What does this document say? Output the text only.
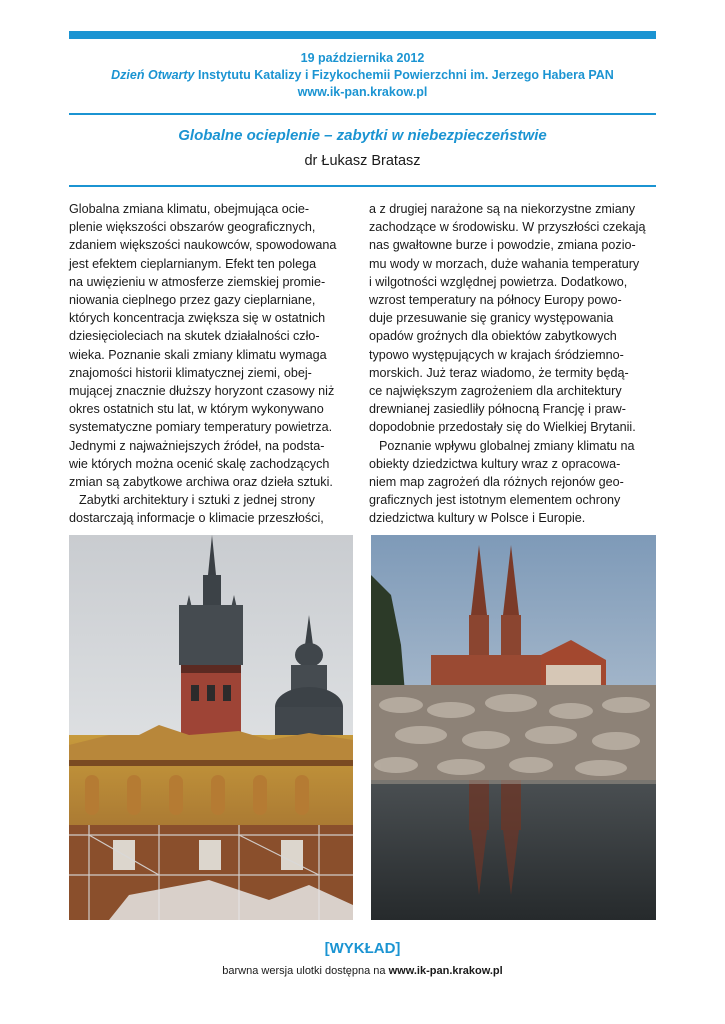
19 października 2012
Dzień Otwarty Instytutu Katalizy i Fizykochemii Powierzchni im. Jerzego Habera PAN
www.ik-pan.krakow.pl
Globalne ocieplenie – zabytki w niebezpieczeństwie
dr Łukasz Bratasz

Globalna zmiana klimatu, obejmująca ocie-
plenie większości obszarów geograficznych,
zdaniem większości naukowców, spowodowana
jest efektem cieplarnianym. Efekt ten polega
na uwięzieniu w atmosferze ziemskiej promie-
niowania cieplnego przez gazy cieplarniane,
których koncentracja zwiększa się w ostatnich
dziesięcioleciach na skutek działalności czło-
wieka. Poznanie skali zmiany klimatu wymaga
znajomości historii klimatycznej ziemi, obej-
mującej znacznie dłuższy horyzont czasowy niż
okres ostatnich stu lat, w którym wykonywano
systematyczne pomiary temperatury powietrza.
Jednymi z najważniejszych źródeł, na podsta-
wie których można ocenić skalę zachodzących
zmian są zabytkowe archiwa oraz dzieła sztuki.
Zabytki architektury i sztuki z jednej strony
dostarczają informacje o klimacie przeszłości,

a z drugiej narażone są na niekorzystne zmiany
zachodzące w środowisku. W przyszłości czekają
nas gwałtowne burze i powodzie, zmiana pozio-
mu wody w morzach, duże wahania temperatury
i wilgotności względnej powietrza. Dodatkowo,
wzrost temperatury na północy Europy powo-
duje przesuwanie się granicy występowania
opadów groźnych dla obiektów zabytkowych
typowo występujących w krajach śródziemno-
morskich. Już teraz wiadomo, że termity będą-
ce największym zagrożeniem dla architektury
drewnianej zasiedliły północną Francję i praw-
dopodobnie przedostały się do Wielkiej Brytanii.
Poznanie wpływu globalnej zmiany klimatu na
obiekty dziedzictwa kultury wraz z opracowa-
niem map zagrożeń dla różnych rejonów geo-
graficznych jest istotnym elementem ochrony
dziedzictwa kultury w Polsce i Europie.

[WYKŁAD]
barwna wersja ulotki dostępna na www.ik-pan.krakow.pl
